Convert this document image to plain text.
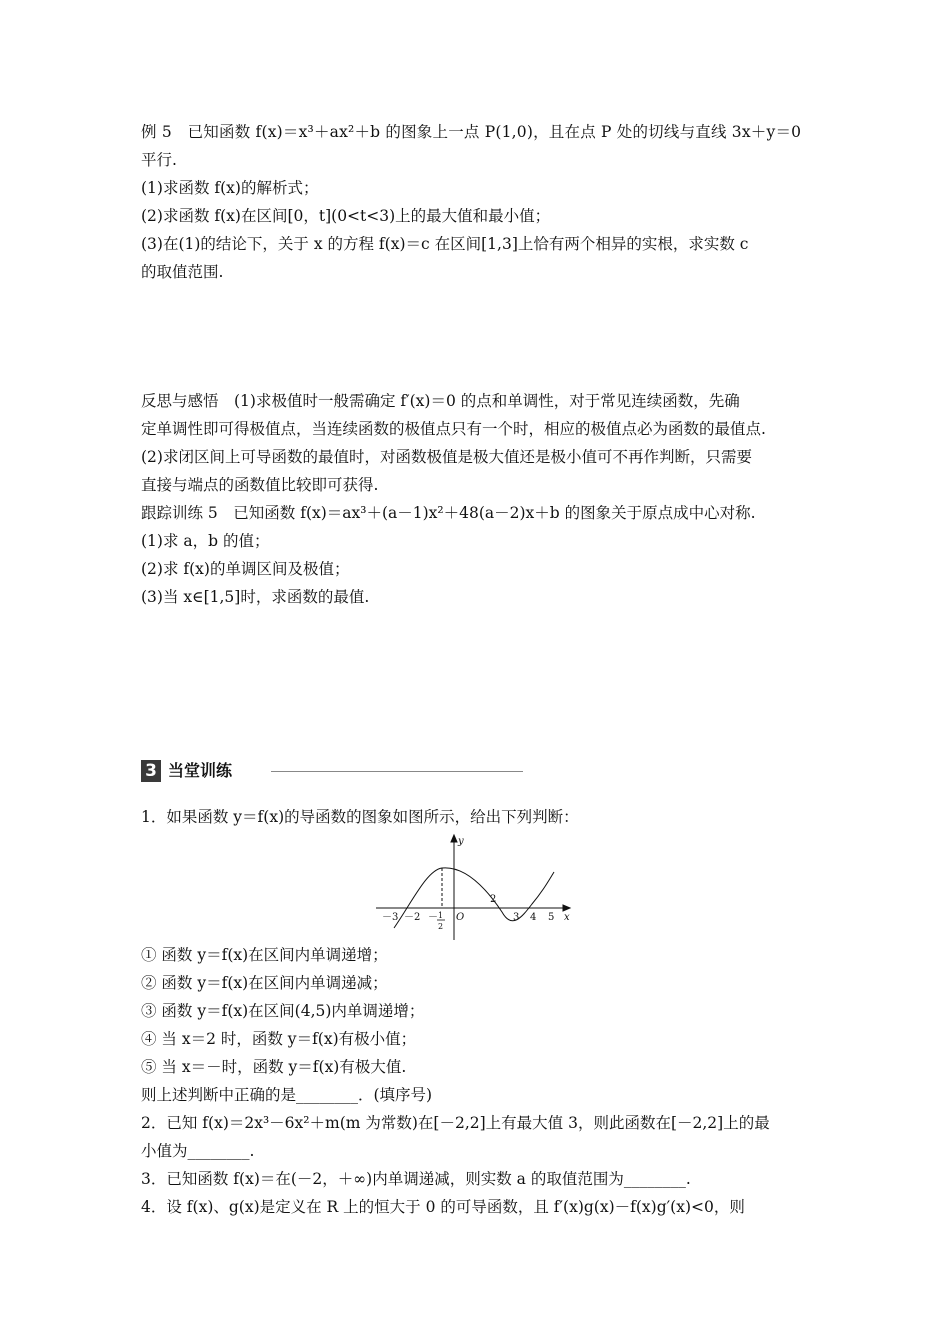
例 5　已知函数 f(x)＝x³＋ax²＋b 的图象上一点 P(1,0)，且在点 P 处的切线与直线 3x＋y＝0
平行.
(1)求函数 f(x)的解析式；
(2)求函数 f(x)在区间[0，t](0<t<3)上的最大值和最小值；
(3)在(1)的结论下，关于 x 的方程 f(x)＝c 在区间[1,3]上恰有两个相异的实根，求实数 c
的取值范围.
反思与感悟　(1)求极值时一般需确定 f′(x)＝0 的点和单调性，对于常见连续函数，先确
定单调性即可得极值点，当连续函数的极值点只有一个时，相应的极值点必为函数的最值点.
(2)求闭区间上可导函数的最值时，对函数极值是极大值还是极小值可不再作判断，只需要
直接与端点的函数值比较即可获得.
跟踪训练 5　已知函数 f(x)＝ax³＋(a－1)x²＋48(a－2)x＋b 的图象关于原点成中心对称.
(1)求 a，b 的值；
(2)求 f(x)的单调区间及极值；
(3)当 x∈[1,5]时，求函数的最值.
3 当堂训练
1．如果函数 y＝f(x)的导函数的图象如图所示，给出下列判断：
y
x
O
－3 －2 － 1
2
2
3 4 5
① 函数 y＝f(x)在区间内单调递增；
② 函数 y＝f(x)在区间内单调递减；
③ 函数 y＝f(x)在区间(4,5)内单调递增；
④ 当 x＝2 时，函数 y＝f(x)有极小值；
⑤ 当 x＝－时，函数 y＝f(x)有极大值.
则上述判断中正确的是________．(填序号)
2．已知 f(x)＝2x³－6x²＋m(m 为常数)在[－2,2]上有最大值 3，则此函数在[－2,2]上的最
小值为________.
3．已知函数 f(x)＝在(－2，＋∞)内单调递减，则实数 a 的取值范围为________.
4．设 f(x)、g(x)是定义在 R 上的恒大于 0 的可导函数，且 f′(x)g(x)－f(x)g′(x)<0，则
